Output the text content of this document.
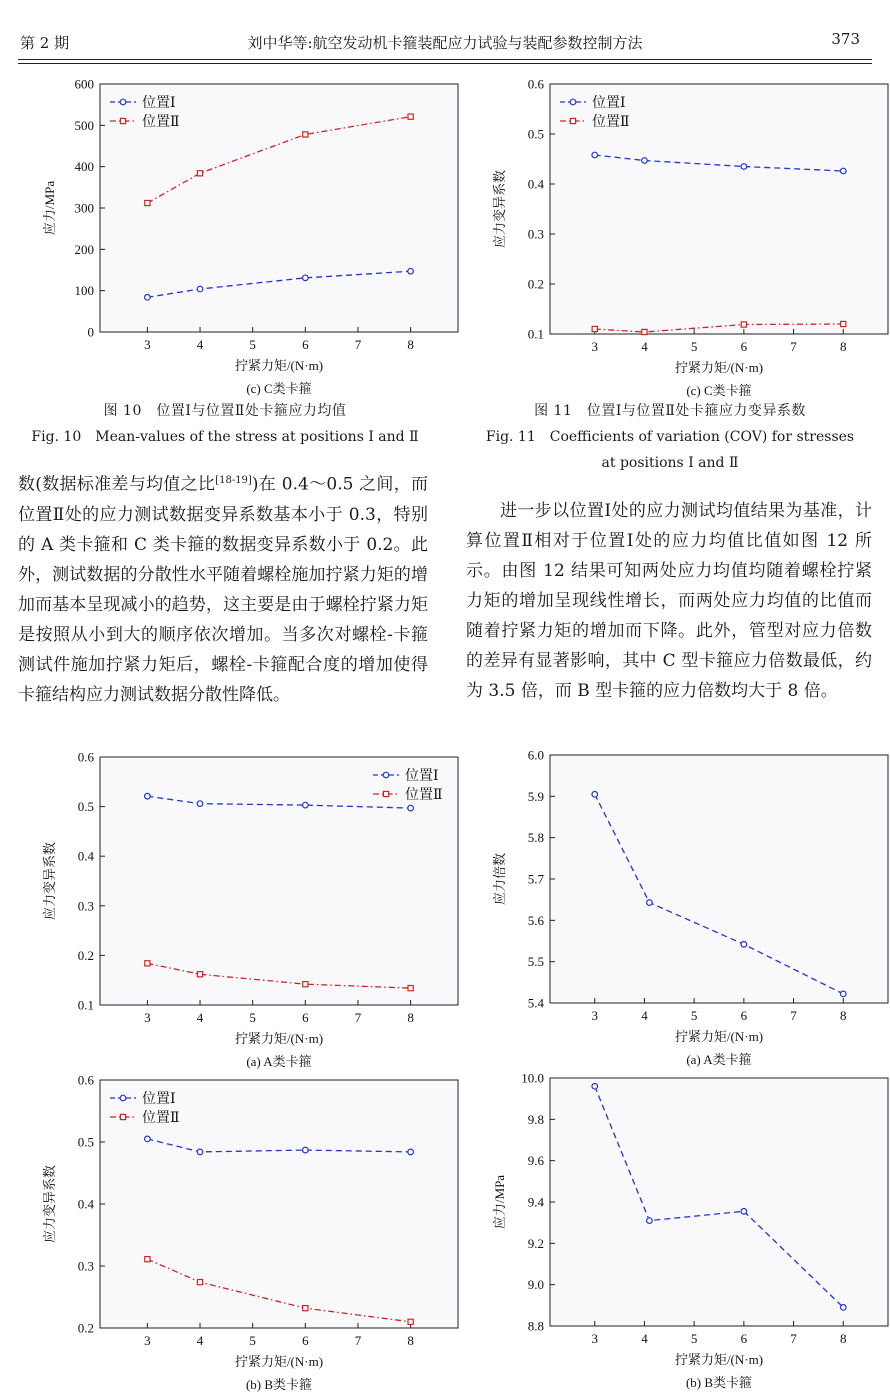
第 2 期	刘中华等:航空发动机卡箍装配应力试验与装配参数控制方法	373
3	4	5	6	7	8
0
100
200
300
400
500
600
拧紧力矩/(N·m)
应力/MPa
(c) C类卡箍
位置Ⅰ
位置Ⅱ
3	4	5	6	7	8
0.1
0.2
0.3
0.4
0.5
0.6
拧紧力矩/(N·m)
应力变异系数
(c) C类卡箍
位置Ⅰ
位置Ⅱ
图 10　位置Ⅰ与位置Ⅱ处卡箍应力均值
Fig. 10　Mean-values of the stress at positions Ⅰ and Ⅱ
图 11　位置Ⅰ与位置Ⅱ处卡箍应力变异系数
Fig. 11　Coefficients of variation (COV) for stresses
at positions Ⅰ and Ⅱ

数(数据标准差与均值之比[18-19])在 0.4～0.5 之间，而位置Ⅱ处的应力测试数据变异系数基本小于 0.3，特别的 A 类卡箍和 C 类卡箍的数据变异系数小于 0.2。此外，测试数据的分散性水平随着螺栓施加拧紧力矩的增加而基本呈现减小的趋势，这主要是由于螺栓拧紧力矩是按照从小到大的顺序依次增加。当多次对螺栓-卡箍测试件施加拧紧力矩后，螺栓-卡箍配合度的增加使得卡箍结构应力测试数据分散性降低。

进一步以位置Ⅰ处的应力测试均值结果为基准，计算位置Ⅱ相对于位置Ⅰ处的应力均值比值如图 12 所示。由图 12 结果可知两处应力均值均随着螺栓拧紧力矩的增加呈现线性增长，而两处应力均值的比值而随着拧紧力矩的增加而下降。此外，管型对应力倍数的差异有显著影响，其中 C 型卡箍应力倍数最低，约为 3.5 倍，而 B 型卡箍的应力倍数均大于 8 倍。

3	4	5	6	7	8
0.1
0.2
0.3
0.4
0.5
0.6
拧紧力矩/(N·m)
应力变异系数
(a) A类卡箍
位置Ⅰ
位置Ⅱ
3	4	5	6	7	8
5.4
5.5
5.6
5.7
5.8
5.9
6.0
拧紧力矩/(N·m)
应力倍数
(a) A类卡箍
3	4	5	6	7	8
0.2
0.3
0.4
0.5
0.6
拧紧力矩/(N·m)
应力变异系数
(b) B类卡箍
位置Ⅰ
位置Ⅱ
3	4	5	6	7	8
8.8
9.0
9.2
9.4
9.6
9.8
10.0
拧紧力矩/(N·m)
应力/MPa
(b) B类卡箍
